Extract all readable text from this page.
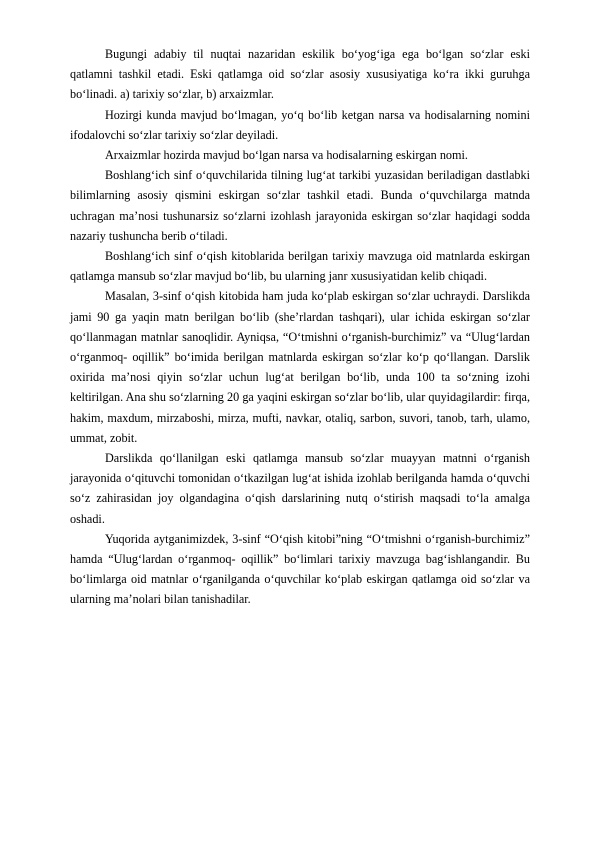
Bugungi adabiy til nuqtai nazaridan eskilik boʻyogʻiga ega boʻlgan soʻzlar eski qatlamni tashkil etadi. Eski qatlamga oid soʻzlar asosiy xususiyatiga koʻra ikki guruhga boʻlinadi. a) tarixiy soʻzlar, b) arxaizmlar.

Hozirgi kunda mavjud boʻlmagan, yoʻq boʻlib ketgan narsa va hodisalarning nomini ifodalovchi soʻzlar tarixiy soʻzlar deyiladi.

Arxaizmlar hozirda mavjud boʻlgan narsa va hodisalarning eskirgan nomi.

Boshlangʻich sinf oʻquvchilarida tilning lugʻat tarkibi yuzasidan beriladigan dastlabki bilimlarning asosiy qismini eskirgan soʻzlar tashkil etadi. Bunda oʻquvchilarga matnda uchragan ma’nosi tushunarsiz soʻzlarni izohlash jarayonida eskirgan soʻzlar haqidagi sodda nazariy tushuncha berib oʻtiladi.

Boshlangʻich sinf oʻqish kitoblarida berilgan tarixiy mavzuga oid matnlarda eskirgan qatlamga mansub soʻzlar mavjud boʻlib, bu ularning janr xususiyatidan kelib chiqadi.

Masalan, 3-sinf oʻqish kitobida ham juda koʻplab eskirgan soʻzlar uchraydi. Darslikda jami 90 ga yaqin matn berilgan boʻlib (she’rlardan tashqari), ular ichida eskirgan soʻzlar qoʻllanmagan matnlar sanoqlidir. Ayniqsa, “Oʻtmishni oʻrganish-burchimiz” va “Ulugʻlardan oʻrganmoq- oqillik” boʻimida berilgan matnlarda eskirgan soʻzlar koʻp qoʻllangan. Darslik oxirida ma’nosi qiyin soʻzlar uchun lugʻat berilgan boʻlib, unda 100 ta soʻzning izohi keltirilgan. Ana shu soʻzlarning 20 ga yaqini eskirgan soʻzlar boʻlib, ular quyidagilardir: firqa, hakim, maxdum, mirzaboshi, mirza, mufti, navkar, otaliq, sarbon, suvori, tanob, tarh, ulamo, ummat, zobit.

Darslikda qoʻllanilgan eski qatlamga mansub soʻzlar muayyan matnni oʻrganish jarayonida oʻqituvchi tomonidan oʻtkazilgan lugʻat ishida izohlab berilganda hamda oʻquvchi soʻz zahirasidan joy olgandagina oʻqish darslarining nutq oʻstirish maqsadi toʻla amalga oshadi.

Yuqorida aytganimizdek, 3-sinf “Oʻqish kitobi”ning “Oʻtmishni oʻrganish-burchimiz” hamda “Ulugʻlardan oʻrganmoq- oqillik” boʻlimlari tarixiy mavzuga bagʻishlangandir. Bu boʻlimlarga oid matnlar oʻrganilganda oʻquvchilar koʻplab eskirgan qatlamga oid soʻzlar va ularning ma’nolari bilan tanishadilar.
